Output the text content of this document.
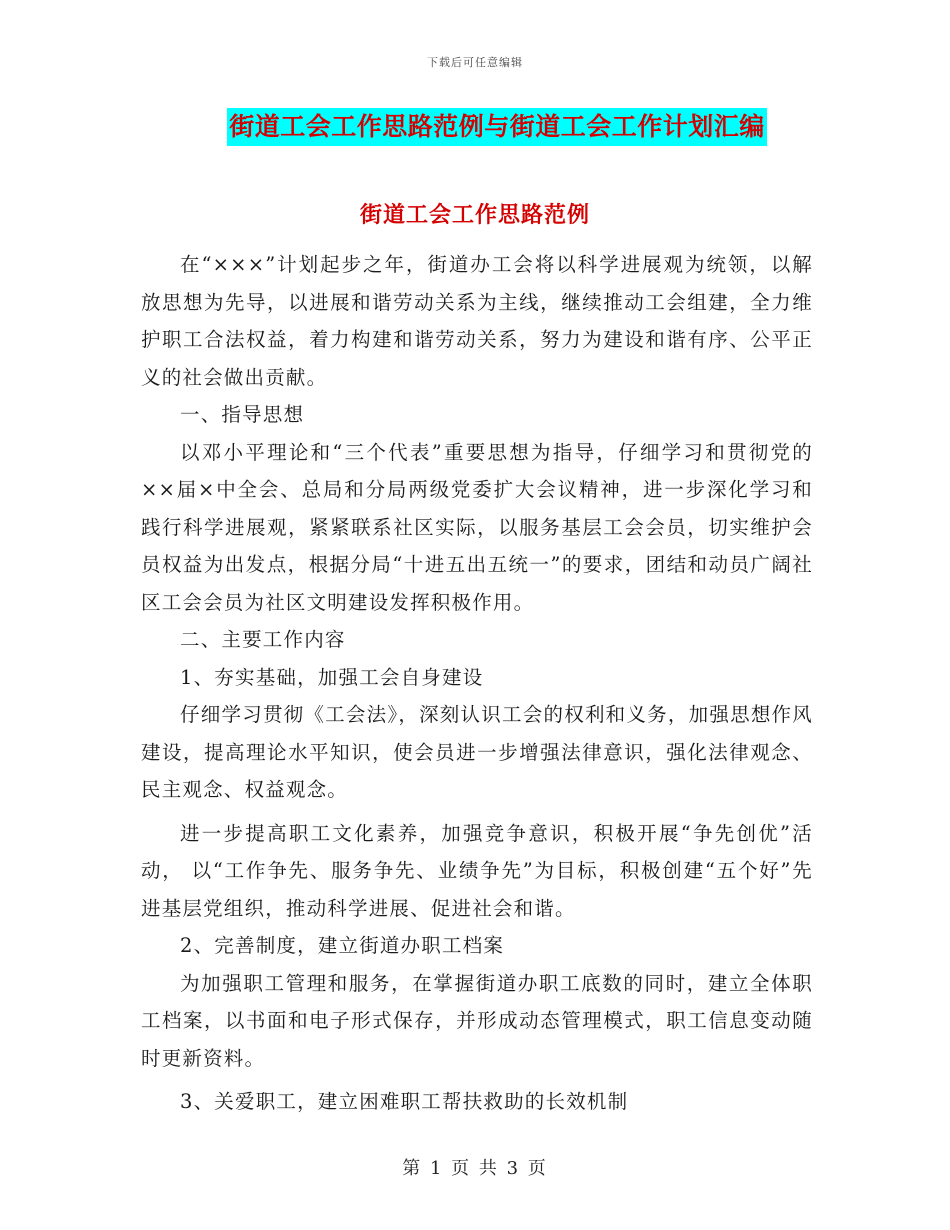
下载后可任意编辑
街道工会工作思路范例与街道工会工作计划汇编
街道工会工作思路范例

在“×××”计划起步之年，街道办工会将以科学进展观为统领，以解放思想为先导，以进展和谐劳动关系为主线，继续推动工会组建，全力维护职工合法权益，着力构建和谐劳动关系，努力为建设和谐有序、公平正义的社会做出贡献。

一、指导思想

以邓小平理论和“三个代表”重要思想为指导，仔细学习和贯彻党的××届×中全会、总局和分局两级党委扩大会议精神，进一步深化学习和践行科学进展观，紧紧联系社区实际，以服务基层工会会员，切实维护会员权益为出发点，根据分局“十进五出五统一”的要求，团结和动员广阔社区工会会员为社区文明建设发挥积极作用。

二、主要工作内容

1、夯实基础，加强工会自身建设

仔细学习贯彻《工会法》，深刻认识工会的权利和义务，加强思想作风建设，提高理论水平知识，使会员进一步增强法律意识，强化法律观念、民主观念、权益观念。

进一步提高职工文化素养，加强竞争意识，积极开展“争先创优”活动， 以“工作争先、服务争先、业绩争先”为目标，积极创建“五个好”先进基层党组织，推动科学进展、促进社会和谐。

2、完善制度，建立街道办职工档案

为加强职工管理和服务，在掌握街道办职工底数的同时，建立全体职工档案，以书面和电子形式保存，并形成动态管理模式，职工信息变动随时更新资料。

3、关爱职工，建立困难职工帮扶救助的长效机制

第 1 页 共 3 页
